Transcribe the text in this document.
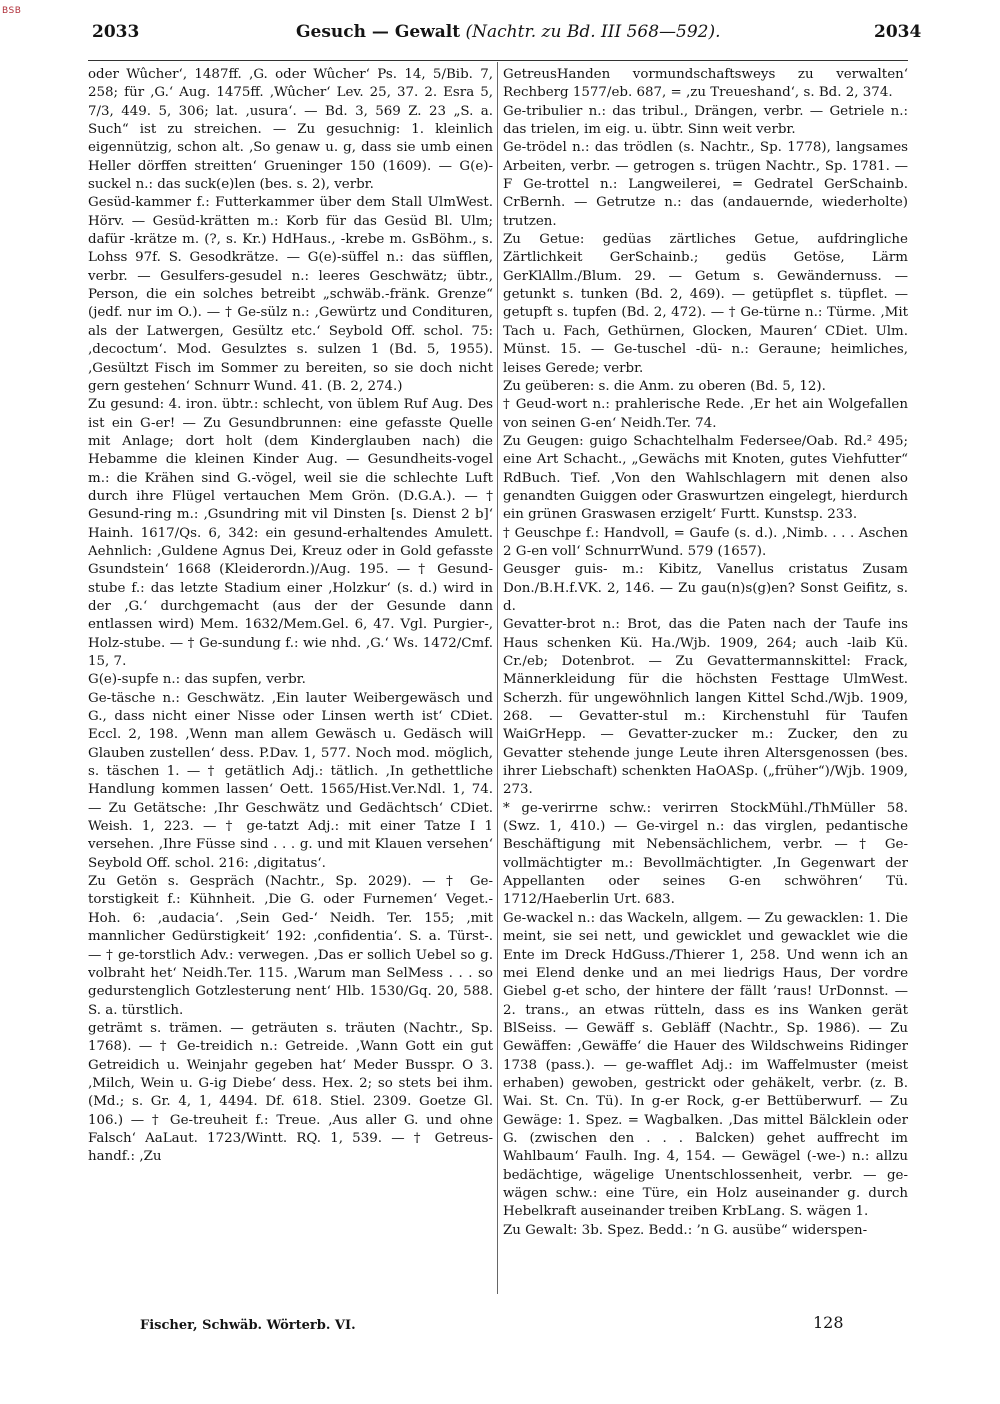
BSB
2033	Gesuch — Gewalt (Nachtr. zu Bd. III 568—592).	2034

oder Wûcher‘, 1487ff. ‚G. oder Wûcher‘ Ps. 14, 5/Bib. 7, 258; für ‚G.‘ Aug. 1475ff. ‚Wûcher‘ Lev. 25, 37. 2. Esra 5, 7/3, 449. 5, 306; lat. ‚usura‘. — Bd. 3, 569 Z. 23 „S. a. Such“ ist zu streichen. — Zu gesuchnig: 1. kleinlich eigennützig, schon alt. ‚So genaw u. g, dass sie umb einen Heller dörffen streitten‘ Grueninger 150 (1609). — G(e)-suckel n.: das suck(e)len (bes. s. 2), verbr.

Gesüd-kammer f.: Futterkammer über dem Stall UlmWest. Hörv. — Gesüd-krätten m.: Korb für das Gesüd Bl. Ulm; dafür -krätze m. (?, s. Kr.) HdHaus., -krebe m. GsBöhm., s. Lohss 97f. S. Gesodkrätze. — G(e)-süffel n.: das süfflen, verbr. — Gesulfers-gesudel n.: leeres Geschwätz; übtr., Person, die ein solches betreibt „schwäb.-fränk. Grenze“ (jedf. nur im O.). — † Ge-sülz n.: ‚Gewürtz und Condituren, als der Latwergen, Gesültz etc.‘ Seybold Off. schol. 75: ‚decoctum‘. Mod. Gesulztes s. sulzen 1 (Bd. 5, 1955). ‚Gesültzt Fisch im Sommer zu bereiten, so sie doch nicht gern gestehen‘ Schnurr Wund. 41. (B. 2, 274.)

Zu gesund: 4. iron. übtr.: schlecht, von üblem Ruf Aug. Des ist ein G-er! — Zu Gesundbrunnen: eine gefasste Quelle mit Anlage; dort holt (dem Kinderglauben nach) die Hebamme die kleinen Kinder Aug. — Gesundheits-vogel m.: die Krähen sind G.-vögel, weil sie die schlechte Luft durch ihre Flügel vertauchen Mem Grön. (D.G.A.). — † Gesund-ring m.: ‚Gsundring mit vil Dinsten [s. Dienst 2 b]‘ Hainh. 1617/Qs. 6, 342: ein gesund-erhaltendes Amulett. Aehnlich: ‚Guldene Agnus Dei, Kreuz oder in Gold gefasste Gsundstein‘ 1668 (Kleiderordn.)/Aug. 195. — † Gesund-stube f.: das letzte Stadium einer ‚Holzkur‘ (s. d.) wird in der ‚G.‘ durchgemacht (aus der der Gesunde dann entlassen wird) Mem. 1632/Mem.Gel. 6, 47. Vgl. Purgier-, Holz-stube. — † Ge-sundung f.: wie nhd. ‚G.‘ Ws. 1472/Cmf. 15, 7.

G(e)-supfe n.: das supfen, verbr.

Ge-täsche n.: Geschwätz. ‚Ein lauter Weibergewäsch und G., dass nicht einer Nisse oder Linsen werth ist‘ CDiet. Eccl. 2, 198. ‚Wenn man allem Gewäsch u. Gedäsch will Glauben zustellen‘ dess. P.Dav. 1, 577. Noch mod. möglich, s. täschen 1. — † getätlich Adj.: tätlich. ‚In gethettliche Handlung kommen lassen‘ Oett. 1565/Hist.Ver.Ndl. 1, 74. — Zu Getätsche: ‚Ihr Geschwätz und Gedächtsch‘ CDiet. Weish. 1, 223. — † ge-tatzt Adj.: mit einer Tatze I 1 versehen. ‚Ihre Füsse sind . . . g. und mit Klauen versehen‘ Seybold Off. schol. 216: ‚digitatus‘.

Zu Getön s. Gespräch (Nachtr., Sp. 2029). — † Ge-torstigkeit f.: Kühnheit. ‚Die G. oder Furnemen‘ Veget.-Hoh. 6: ‚audacia‘. ‚Sein Ged-‘ Neidh. Ter. 155; ‚mit mannlicher Gedürstigkeit‘ 192: ‚confidentia‘. S. a. Türst-. — † ge-torstlich Adv.: verwegen. ‚Das er sollich Uebel so g. volbraht het‘ Neidh.Ter. 115. ‚Warum man SelMess . . . so gedurstenglich Gotzlesterung nent‘ Hlb. 1530/Gq. 20, 588. S. a. türstlich.

geträmt s. trämen. — geträuten s. träuten (Nachtr., Sp. 1768). — † Ge-treidich n.: Getreide. ‚Wann Gott ein gut Getreidich u. Weinjahr gegeben hat‘ Meder Busspr. O 3. ‚Milch, Wein u. G-ig Diebe‘ dess. Hex. 2; so stets bei ihm. (Md.; s. Gr. 4, 1, 4494. Df. 618. Stiel. 2309. Goetze Gl. 106.) — † Ge-treuheit f.: Treue. ‚Aus aller G. und ohne Falsch‘ AaLaut. 1723/Wintt. RQ. 1, 539. — † Getreus-handf.: ‚Zu

GetreusHanden vormundschaftsweys zu verwalten‘ Rechberg 1577/eb. 687, = ‚zu Treueshand‘, s. Bd. 2, 374.

Ge-tribulier n.: das tribul., Drängen, verbr. — Getriele n.: das trielen, im eig. u. übtr. Sinn weit verbr.

Ge-trödel n.: das trödlen (s. Nachtr., Sp. 1778), langsames Arbeiten, verbr. — getrogen s. trügen Nachtr., Sp. 1781. — F Ge-trottel n.: Langweilerei, = Gedratel GerSchainb. CrBernh. — Getrutze n.: das (andauernde, wiederholte) trutzen.

Zu Getue: gedüas zärtliches Getue, aufdringliche Zärtlichkeit GerSchainb.; gedüs Getöse, Lärm GerKlAllm./Blum. 29. — Getum s. Gewändernuss. — getunkt s. tunken (Bd. 2, 469). — getüpflet s. tüpflet. — getupft s. tupfen (Bd. 2, 472). — † Ge-türne n.: Türme. ‚Mit Tach u. Fach, Gethürnen, Glocken, Mauren‘ CDiet. Ulm. Münst. 15. — Ge-tuschel -dü- n.: Geraune; heimliches, leises Gerede; verbr.

Zu geüberen: s. die Anm. zu oberen (Bd. 5, 12).

† Geud-wort n.: prahlerische Rede. ‚Er het ain Wolgefallen von seinen G-en‘ Neidh.Ter. 74.

Zu Geugen: guigo Schachtelhalm Federsee/Oab. Rd.² 495; eine Art Schacht., „Gewächs mit Knoten, gutes Viehfutter“ RdBuch. Tief. ‚Von den Wahlschlagern mit denen also genandten Guiggen oder Graswurtzen eingelegt, hierdurch ein grünen Graswasen erzigelt‘ Furtt. Kunstsp. 233.

† Geuschpe f.: Handvoll, = Gaufe (s. d.). ‚Nimb. . . . Aschen 2 G-en voll‘ SchnurrWund. 579 (1657).

Geusger guis- m.: Kibitz, Vanellus cristatus Zusam Don./B.H.f.VK. 2, 146. — Zu gau(n)s(g)en? Sonst Geifitz, s. d.

Gevatter-brot n.: Brot, das die Paten nach der Taufe ins Haus schenken Kü. Ha./Wjb. 1909, 264; auch -laib Kü. Cr./eb; Dotenbrot. — Zu Gevattermannskittel: Frack, Männerkleidung für die höchsten Festtage UlmWest. Scherzh. für ungewöhnlich langen Kittel Schd./Wjb. 1909, 268. — Gevatter-stul m.: Kirchenstuhl für Taufen WaiGrHepp. — Gevatter-zucker m.: Zucker, den zu Gevatter stehende junge Leute ihren Altersgenossen (bes. ihrer Liebschaft) schenkten HaOASp. („früher“)/Wjb. 1909, 273.

* ge-verirrne schw.: verirren StockMühl./ThMüller 58. (Swz. 1, 410.) — Ge-virgel n.: das virglen, pedantische Beschäftigung mit Nebensächlichem, verbr. — † Ge-vollmächtigter m.: Bevollmächtigter. ‚In Gegenwart der Appellanten oder seines G-en schwöhren‘ Tü. 1712/Haeberlin Urt. 683.

Ge-wackel n.: das Wackeln, allgem. — Zu gewacklen: 1. Die meint, sie sei nett, und gewicklet und gewacklet wie die Ente im Dreck HdGuss./Thierer 1, 258. Und wenn ich an mei Elend denke und an mei liedrigs Haus, Der vordre Giebel g-et scho, der hintere der fällt ’raus! UrDonnst. — 2. trans., an etwas rütteln, dass es ins Wanken gerät BlSeiss. — Gewäff s. Gebläff (Nachtr., Sp. 1986). — Zu Gewäffen: ‚Gewäffe‘ die Hauer des Wildschweins Ridinger 1738 (pass.). — ge-wafflet Adj.: im Waffelmuster (meist erhaben) gewoben, gestrickt oder gehäkelt, verbr. (z. B. Wai. St. Cn. Tü). In g-er Rock, g-er Bettüberwurf. — Zu Gewäge: 1. Spez. = Wagbalken. ‚Das mittel Bälcklein oder G. (zwischen den . . . Balcken) gehet auffrecht im Wahlbaum‘ Faulh. Ing. 4, 154. — Gewägel (-we-) n.: allzu bedächtige, wägelige Unentschlossenheit, verbr. — ge-wägen schw.: eine Türe, ein Holz auseinander g. durch Hebelkraft auseinander treiben KrbLang. S. wägen 1.

Zu Gewalt: 3b. Spez. Bedd.: ’n G. ausübe“ widerspen-

Fischer, Schwäb. Wörterb. VI.	128
